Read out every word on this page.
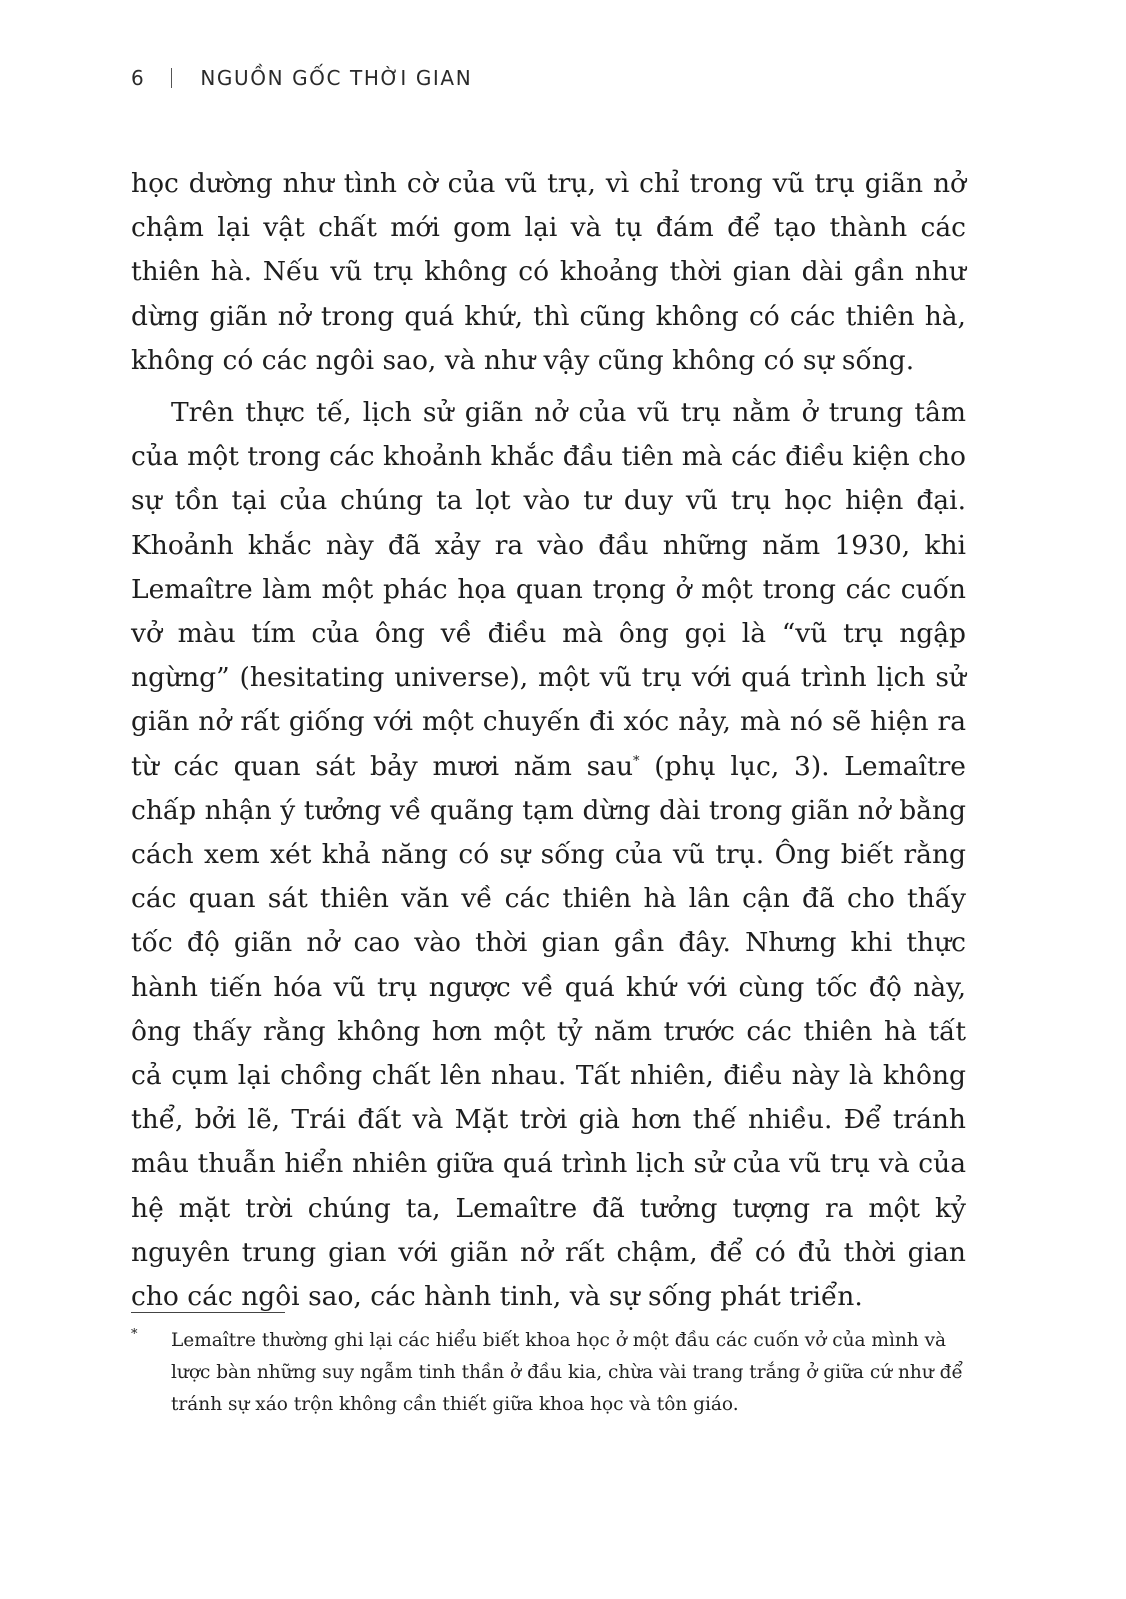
6	NGUỒN GỐC THỜI GIAN

học dường như tình cờ của vũ trụ, vì chỉ trong vũ trụ giãn nở chậm lại vật chất mới gom lại và tụ đám để tạo thành các thiên hà. Nếu vũ trụ không có khoảng thời gian dài gần như dừng giãn nở trong quá khứ, thì cũng không có các thiên hà, không có các ngôi sao, và như vậy cũng không có sự sống.

Trên thực tế, lịch sử giãn nở của vũ trụ nằm ở trung tâm của một trong các khoảnh khắc đầu tiên mà các điều kiện cho sự tồn tại của chúng ta lọt vào tư duy vũ trụ học hiện đại. Khoảnh khắc này đã xảy ra vào đầu những năm 1930, khi Lemaître làm một phác họa quan trọng ở một trong các cuốn vở màu tím của ông về điều mà ông gọi là “vũ trụ ngập ngừng” (hesitating universe), một vũ trụ với quá trình lịch sử giãn nở rất giống với một chuyến đi xóc nảy, mà nó sẽ hiện ra từ các quan sát bảy mươi năm sau* (phụ lục, 3). Lemaître chấp nhận ý tưởng về quãng tạm dừng dài trong giãn nở bằng cách xem xét khả năng có sự sống của vũ trụ. Ông biết rằng các quan sát thiên văn về các thiên hà lân cận đã cho thấy tốc độ giãn nở cao vào thời gian gần đây. Nhưng khi thực hành tiến hóa vũ trụ ngược về quá khứ với cùng tốc độ này, ông thấy rằng không hơn một tỷ năm trước các thiên hà tất cả cụm lại chồng chất lên nhau. Tất nhiên, điều này là không thể, bởi lẽ, Trái đất và Mặt trời già hơn thế nhiều. Để tránh mâu thuẫn hiển nhiên giữa quá trình lịch sử của vũ trụ và của hệ mặt trời chúng ta, Lemaître đã tưởng tượng ra một kỷ nguyên trung gian với giãn nở rất chậm, để có đủ thời gian cho các ngôi sao, các hành tinh, và sự sống phát triển.

*	Lemaître thường ghi lại các hiểu biết khoa học ở một đầu các cuốn vở của mình và lược bàn những suy ngẫm tinh thần ở đầu kia, chừa vài trang trắng ở giữa cứ như để tránh sự xáo trộn không cần thiết giữa khoa học và tôn giáo.
